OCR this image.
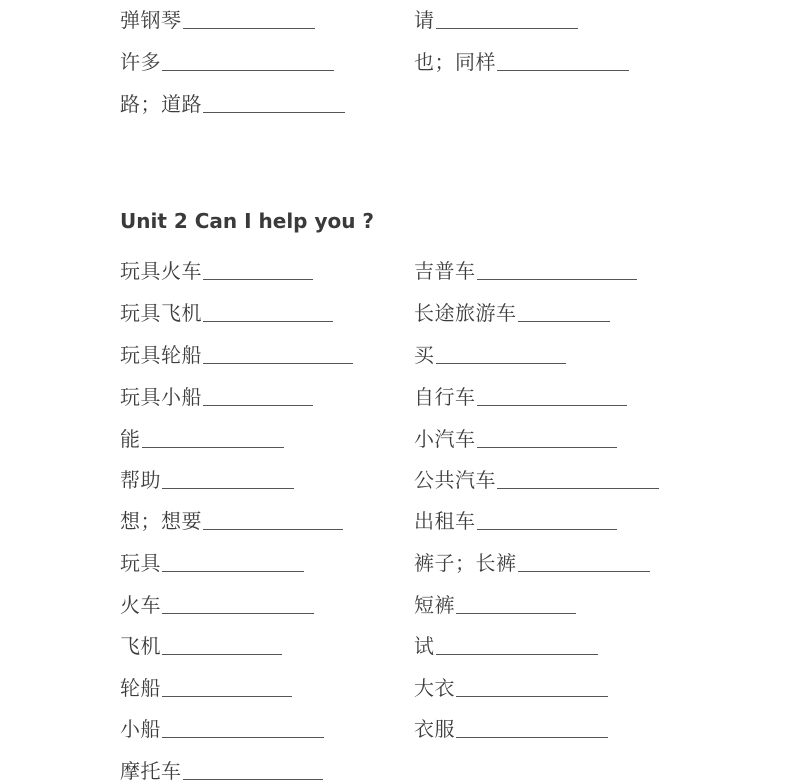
弹钢琴
许多
路；道路
玩具火车
玩具飞机
玩具轮船
玩具小船
能
帮助
想；想要
玩具
火车
飞机
轮船
小船
摩托车
请
也；同样
吉普车
长途旅游车
买
自行车
小汽车
公共汽车
出租车
裤子；长裤
短裤
试
大衣
衣服
Unit 2 Can I help you ?
